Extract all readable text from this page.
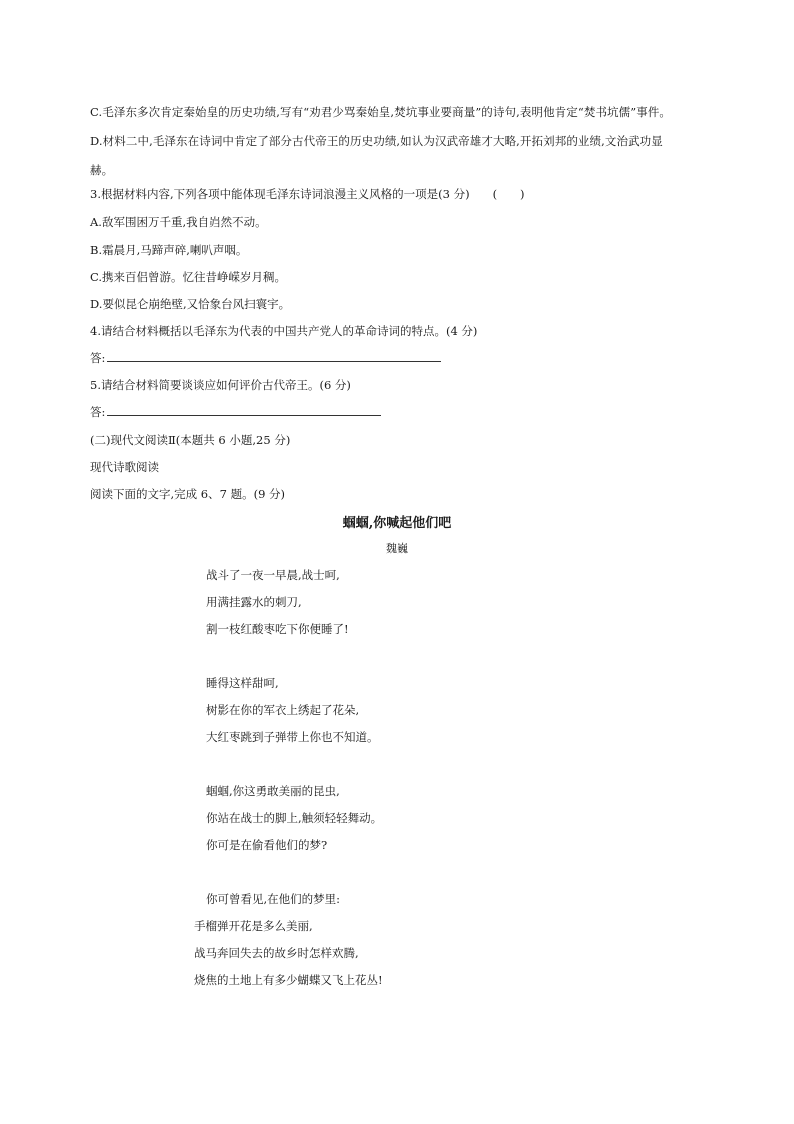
C.毛泽东多次肯定秦始皇的历史功绩,写有“劝君少骂秦始皇,焚坑事业要商量”的诗句,表明他肯定“焚书坑儒”事件。
D.材料二中,毛泽东在诗词中肯定了部分古代帝王的历史功绩,如认为汉武帝雄才大略,开拓刘邦的业绩,文治武功显
赫。
3.根据材料内容,下列各项中能体现毛泽东诗词浪漫主义风格的一项是(3 分)　　(　　)
A.敌军围困万千重,我自岿然不动。
B.霜晨月,马蹄声碎,喇叭声咽。
C.携来百侣曾游。忆往昔峥嵘岁月稠。
D.要似昆仑崩绝壁,又恰象台风扫寰宇。
4.请结合材料概括以毛泽东为代表的中国共产党人的革命诗词的特点。(4 分)
答:
5.请结合材料简要谈谈应如何评价古代帝王。(6 分)
答:
(二)现代文阅读Ⅱ(本题共 6 小题,25 分)
现代诗歌阅读
阅读下面的文字,完成 6、7 题。(9 分)
蝈蝈,你喊起他们吧
魏巍
战斗了一夜一早晨,战士呵,
用满挂露水的刺刀,
割一枝红酸枣吃下你便睡了!
睡得这样甜呵,
树影在你的军衣上绣起了花朵,
大红枣跳到子弹带上你也不知道。
蝈蝈,你这勇敢美丽的昆虫,
你站在战士的脚上,触须轻轻舞动。
你可是在偷看他们的梦?
你可曾看见,在他们的梦里:
手榴弹开花是多么美丽,
战马奔回失去的故乡时怎样欢腾,
烧焦的土地上有多少蝴蝶又飞上花丛!
